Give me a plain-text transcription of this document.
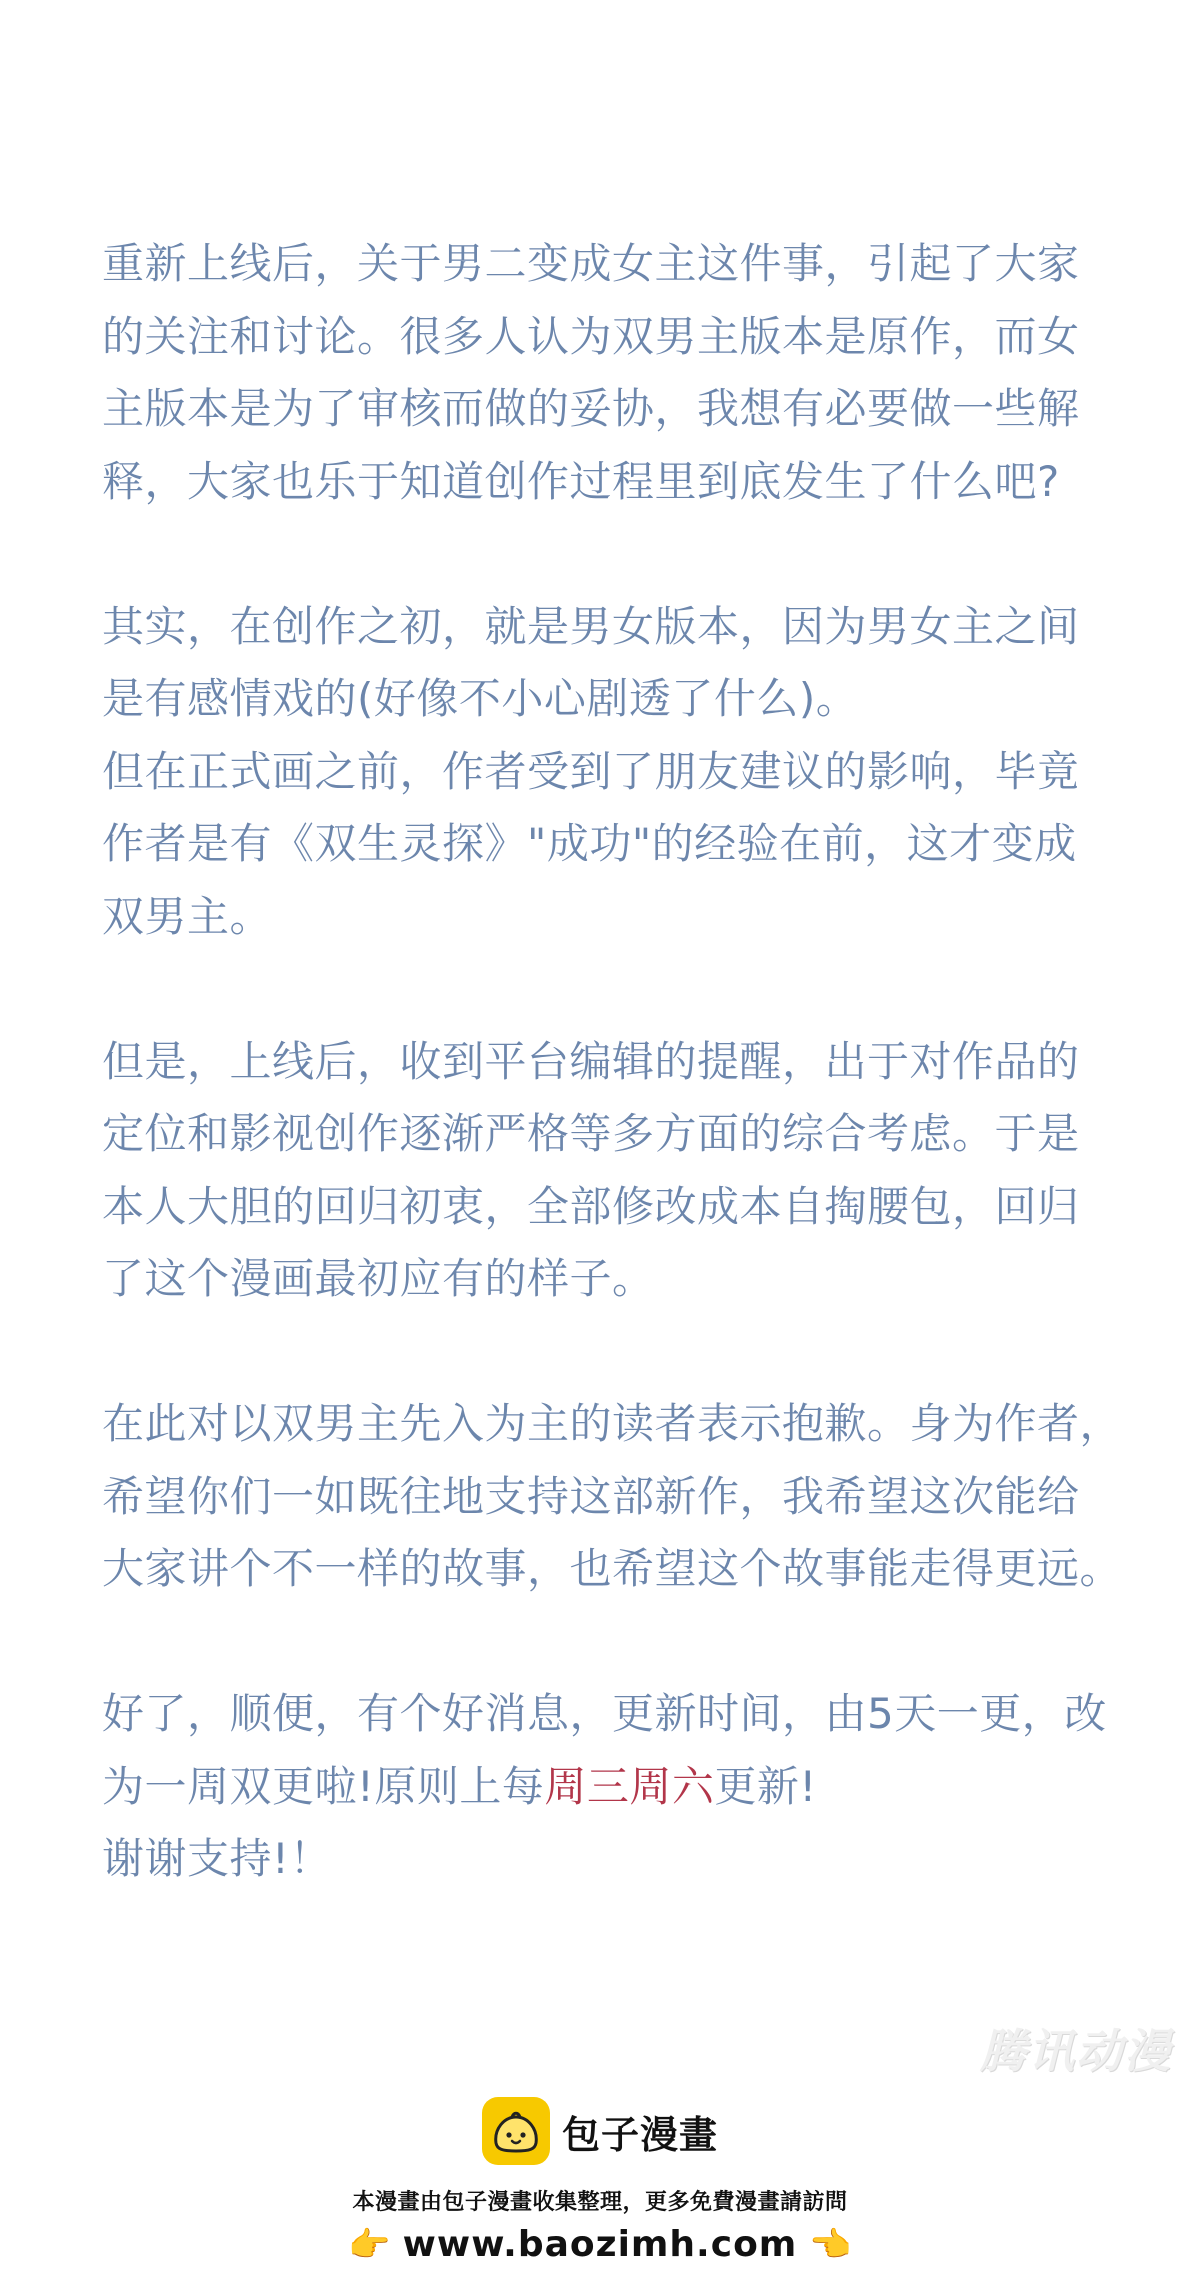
重新上线后，关于男二变成女主这件事，引起了大家
的关注和讨论。很多人认为双男主版本是原作，而女
主版本是为了审核而做的妥协，我想有必要做一些解
释，大家也乐于知道创作过程里到底发生了什么吧?
其实，在创作之初，就是男女版本，因为男女主之间
是有感情戏的(好像不小心剧透了什么)。
但在正式画之前，作者受到了朋友建议的影响，毕竟
作者是有《双生灵探》"成功"的经验在前，这才变成
双男主。
但是，上线后，收到平台编辑的提醒，出于对作品的
定位和影视创作逐渐严格等多方面的综合考虑。于是
本人大胆的回归初衷，全部修改成本自掏腰包，回归
了这个漫画最初应有的样子。
在此对以双男主先入为主的读者表示抱歉。身为作者，
希望你们一如既往地支持这部新作，我希望这次能给
大家讲个不一样的故事，也希望这个故事能走得更远。
好了，顺便，有个好消息，更新时间，由5天一更，改
为一周双更啦!原则上每周三周六更新!
谢谢支持!！
腾讯动漫
包子漫畫
本漫畫由包子漫畫收集整理，更多免費漫畫請訪問
👉 www.baozimh.com 👈
